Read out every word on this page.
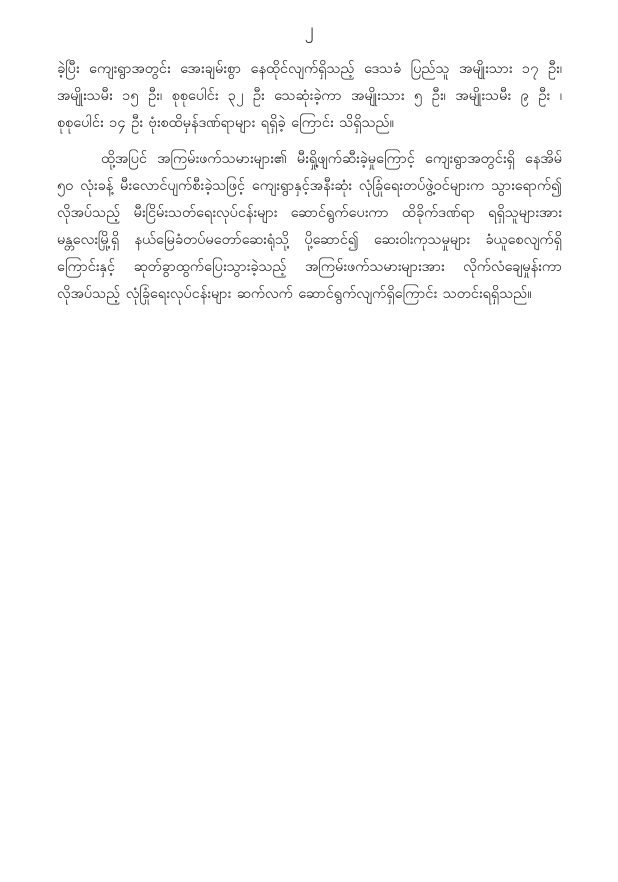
၂

ခဲ့ပြီး ကျေးရွာအတွင်း အေးချမ်းစွာ နေထိုင်လျက်ရှိသည့် ဒေသခံ ပြည်သူ အမျိုးသား ၁၇ ဦး၊ အမျိုးသမီး ၁၅ ဦး၊ စုစုပေါင်း ၃၂ ဦး သေဆုံးခဲ့ကာ အမျိုးသား ၅ ဦး၊ အမျိုးသမီး ၉ ဦး ၊ စုစုပေါင်း ၁၄ ဦး ဗုံးစထိမှန်ဒဏ်ရာများ ရရှိခဲ့ ကြောင်း သိရှိသည်။

ထို့အပြင် အကြမ်းဖက်သမားများ၏ မီးရှို့ဖျက်ဆီးခဲ့မှုကြောင့် ကျေးရွာအတွင်းရှိ နေအိမ် ၅၀ လုံးခန့် မီးလောင်ပျက်စီးခဲ့သဖြင့် ကျေးရွာနှင့်အနီးဆုံး လုံခြုံရေးတပ်ဖွဲ့ဝင်များက သွားရောက်၍ လိုအပ်သည့် မီးငြိမ်းသတ်ရေးလုပ်ငန်းများ ဆောင်ရွက်ပေးကာ ထိခိုက်ဒဏ်ရာ ရရှိသူများအား မန္တလေးမြို့ရှိ နယ်မြေခံတပ်မတော်ဆေးရုံသို့ ပို့ဆောင်၍ ဆေးဝါးကုသမှုများ ခံယူစေလျက်ရှိကြောင်းနှင့် ဆုတ်ခွာထွက်ပြေးသွားခဲ့သည့် အကြမ်းဖက်သမားများအား လိုက်လံချေမှုန်းကာ လိုအပ်သည့် လုံခြုံရေးလုပ်ငန်းများ ဆက်လက် ဆောင်ရွက်လျက်ရှိကြောင်း သတင်းရရှိသည်။
